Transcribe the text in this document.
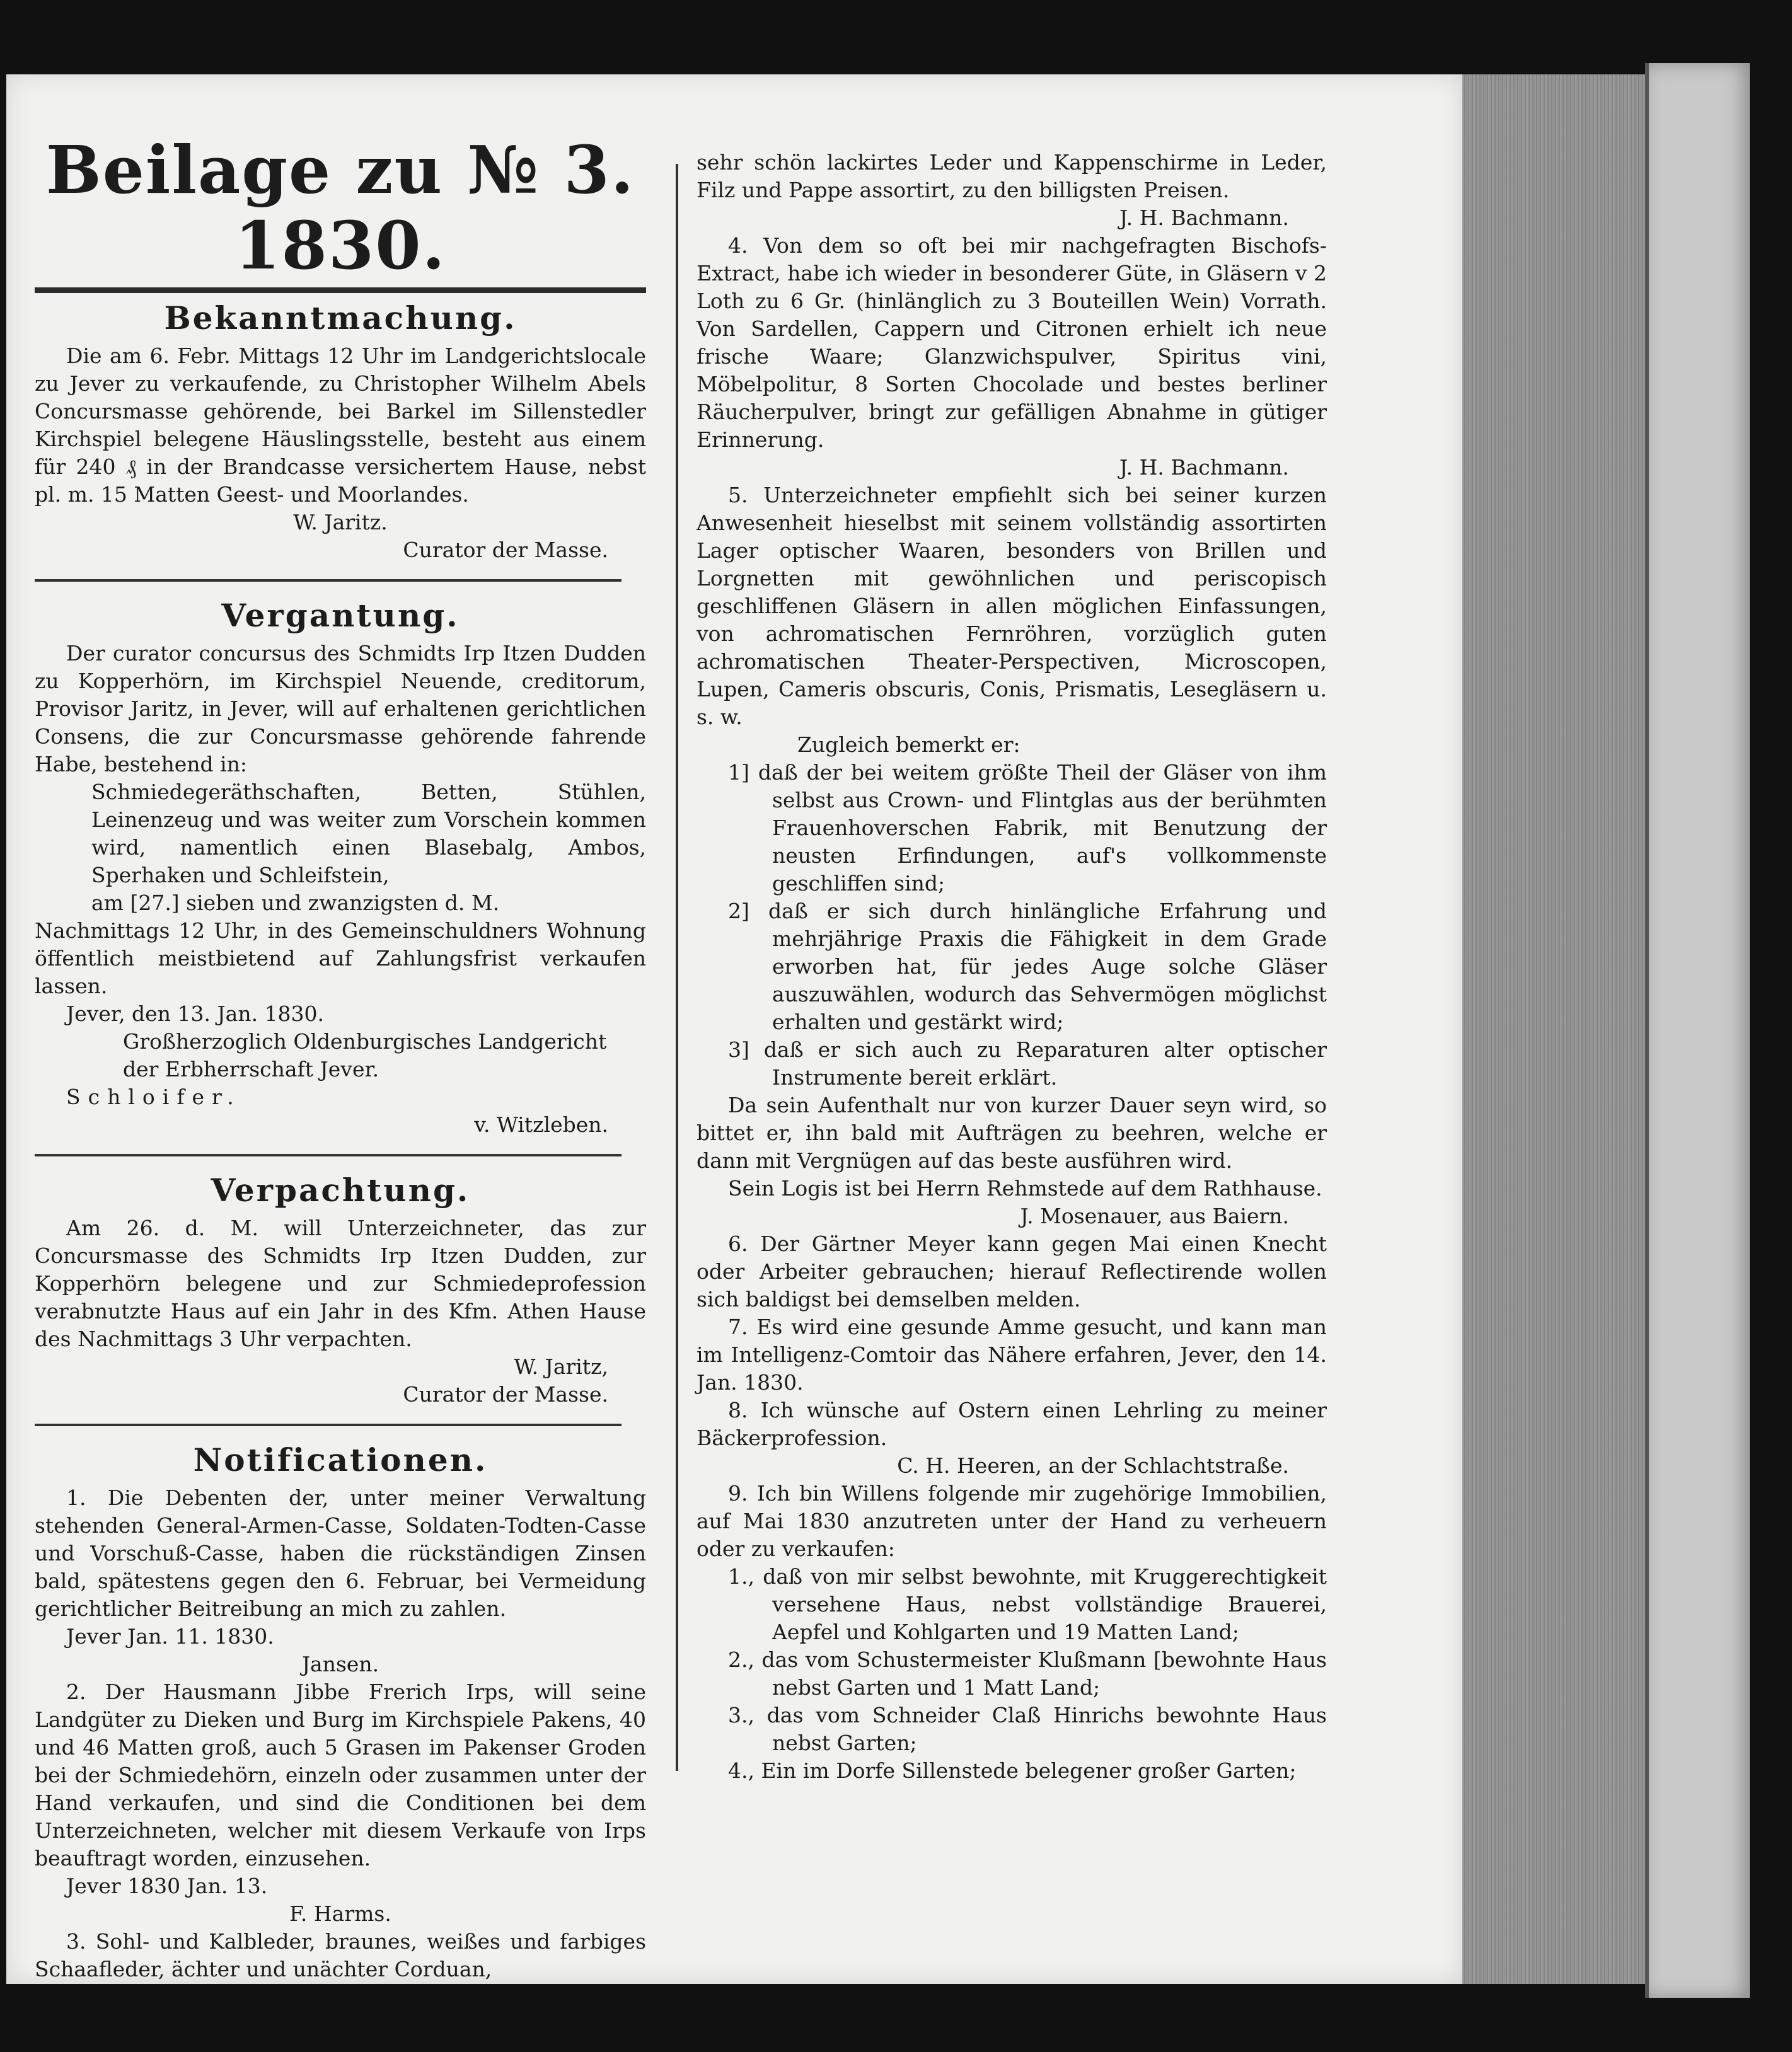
Beilage zu № 3. 1830.
Bekanntmachung.

Die am 6. Febr. Mittags 12 Uhr im Landgerichtslocale zu Jever zu verkaufende, zu Christopher Wilhelm Abels Concursmasse gehörende, bei Barkel im Sillenstedler Kirchspiel belegene Häuslingsstelle, besteht aus einem für 240 ₰ in der Brandcasse versichertem Hause, nebst pl. m. 15 Matten Geest- und Moorlandes.

W. Jaritz.

Curator der Masse.

Vergantung.

Der curator concursus des Schmidts Irp Itzen Dudden zu Kopperhörn, im Kirchspiel Neuende, creditorum, Provisor Jaritz, in Jever, will auf erhaltenen gerichtlichen Consens, die zur Concursmasse gehörende fahrende Habe, bestehend in:

Schmiedegeräthschaften, Betten, Stühlen, Leinenzeug und was weiter zum Vorschein kommen wird, namentlich einen Blasebalg, Ambos, Sperhaken und Schleifstein,

am [27.] sieben und zwanzigsten d. M.

Nachmittags 12 Uhr, in des Gemeinschuldners Wohnung öffentlich meistbietend auf Zahlungsfrist verkaufen lassen.

Jever, den 13. Jan. 1830.

Großherzoglich Oldenburgisches Landgericht

der Erbherrschaft Jever.

Schloifer.

v. Witzleben.

Verpachtung.

Am 26. d. M. will Unterzeichneter, das zur Concursmasse des Schmidts Irp Itzen Dudden, zur Kopperhörn belegene und zur Schmiedeprofession verabnutzte Haus auf ein Jahr in des Kfm. Athen Hause des Nachmittags 3 Uhr verpachten.

W. Jaritz,

Curator der Masse.

Notificationen.

1. Die Debenten der, unter meiner Verwaltung stehenden General-Armen-Casse, Soldaten-Todten-Casse und Vorschuß-Casse, haben die rückständigen Zinsen bald, spätestens gegen den 6. Februar, bei Vermeidung gerichtlicher Beitreibung an mich zu zahlen.

Jever Jan. 11. 1830.

Jansen.

2. Der Hausmann Jibbe Frerich Irps, will seine Landgüter zu Dieken und Burg im Kirchspiele Pakens, 40 und 46 Matten groß, auch 5 Grasen im Pakenser Groden bei der Schmiedehörn, einzeln oder zusammen unter der Hand verkaufen, und sind die Conditionen bei dem Unterzeichneten, welcher mit diesem Verkaufe von Irps beauftragt worden, einzusehen.

Jever 1830 Jan. 13.

F. Harms.

3. Sohl- und Kalbleder, braunes, weißes und farbiges Schaafleder, ächter und unächter Corduan,

sehr schön lackirtes Leder und Kappenschirme in Leder, Filz und Pappe assortirt, zu den billigsten Preisen.

J. H. Bachmann.

4. Von dem so oft bei mir nachgefragten Bischofs-Extract, habe ich wieder in besonderer Güte, in Gläsern v 2 Loth zu 6 Gr. (hinlänglich zu 3 Bouteillen Wein) Vorrath. Von Sardellen, Cappern und Citronen erhielt ich neue frische Waare; Glanzwichspulver, Spiritus vini, Möbelpolitur, 8 Sorten Chocolade und bestes berliner Räucherpulver, bringt zur gefälligen Abnahme in gütiger Erinnerung.

J. H. Bachmann.

5. Unterzeichneter empfiehlt sich bei seiner kurzen Anwesenheit hieselbst mit seinem vollständig assortirten Lager optischer Waaren, besonders von Brillen und Lorgnetten mit gewöhnlichen und periscopisch geschliffenen Gläsern in allen möglichen Einfassungen, von achromatischen Fernröhren, vorzüglich guten achromatischen Theater-Perspectiven, Microscopen, Lupen, Cameris obscuris, Conis, Prismatis, Lesegläsern u. s. w.

Zugleich bemerkt er:

1] daß der bei weitem größte Theil der Gläser von ihm selbst aus Crown- und Flintglas aus der berühmten Frauenhoverschen Fabrik, mit Benutzung der neusten Erfindungen, auf's vollkommenste geschliffen sind;

2] daß er sich durch hinlängliche Erfahrung und mehrjährige Praxis die Fähigkeit in dem Grade erworben hat, für jedes Auge solche Gläser auszuwählen, wodurch das Sehvermögen möglichst erhalten und gestärkt wird;

3] daß er sich auch zu Reparaturen alter optischer Instrumente bereit erklärt.

Da sein Aufenthalt nur von kurzer Dauer seyn wird, so bittet er, ihn bald mit Aufträgen zu beehren, welche er dann mit Vergnügen auf das beste ausführen wird.

Sein Logis ist bei Herrn Rehmstede auf dem Rathhause.

J. Mosenauer, aus Baiern.

6. Der Gärtner Meyer kann gegen Mai einen Knecht oder Arbeiter gebrauchen; hierauf Reflectirende wollen sich baldigst bei demselben melden.

7. Es wird eine gesunde Amme gesucht, und kann man im Intelligenz-Comtoir das Nähere erfahren, Jever, den 14. Jan. 1830.

8. Ich wünsche auf Ostern einen Lehrling zu meiner Bäckerprofession.

C. H. Heeren, an der Schlachtstraße.

9. Ich bin Willens folgende mir zugehörige Immobilien, auf Mai 1830 anzutreten unter der Hand zu verheuern oder zu verkaufen:

1., daß von mir selbst bewohnte, mit Kruggerechtigkeit versehene Haus, nebst vollständige Brauerei, Aepfel und Kohlgarten und 19 Matten Land;

2., das vom Schustermeister Klußmann [bewohnte Haus nebst Garten und 1 Matt Land;

3., das vom Schneider Claß Hinrichs bewohnte Haus nebst Garten;

4., Ein im Dorfe Sillenstede belegener großer Garten;
